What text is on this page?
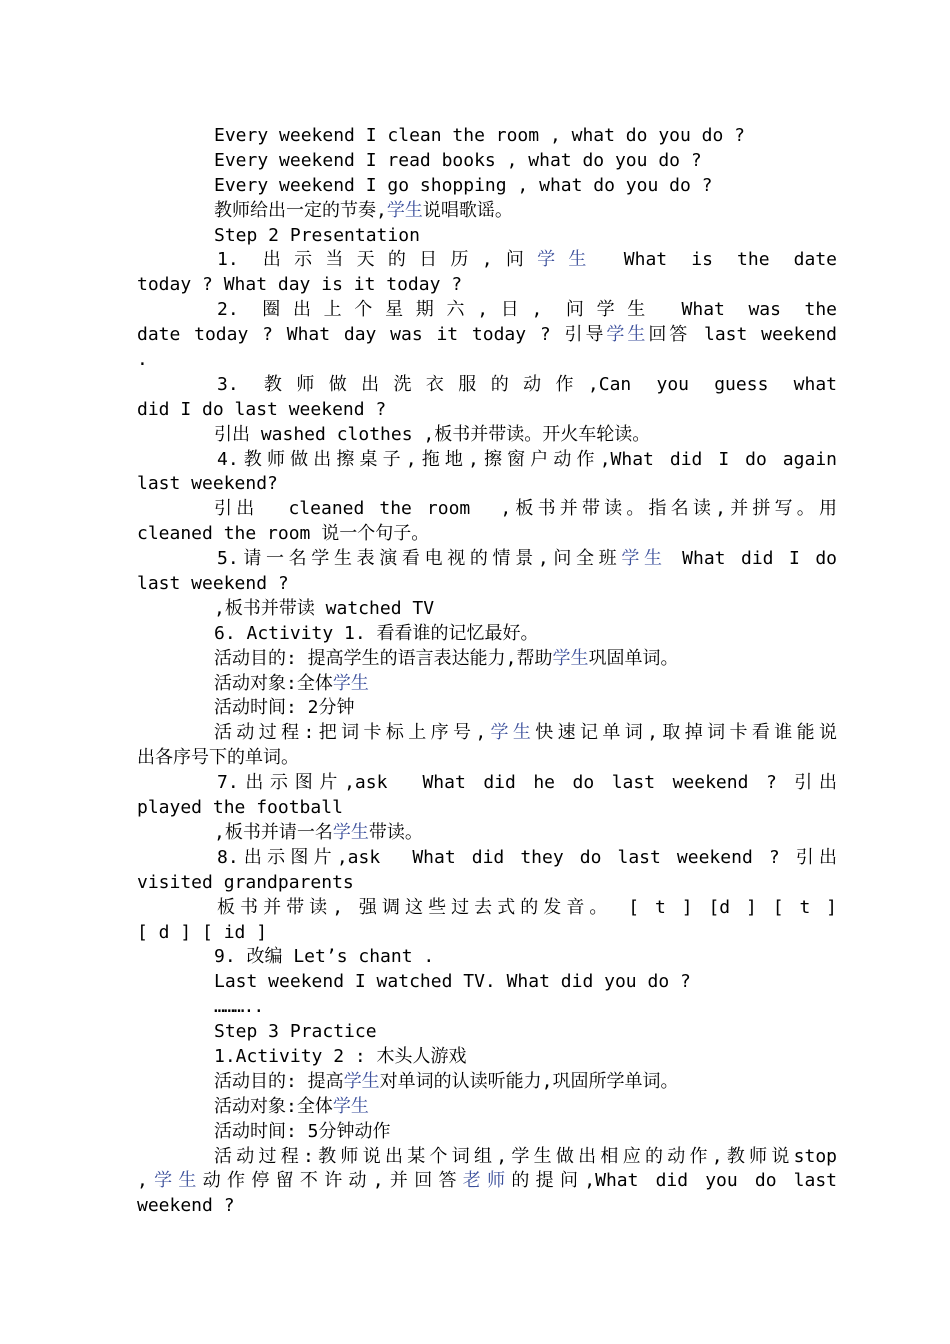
Every weekend I clean the room , what do you do ?
Every weekend I read books , what do you do ?
Every weekend I go shopping , what do you do ?
教师给出一定的节奏,学生说唱歌谣。
Step 2 Presentation
1. 出示当天的日历,问学生 What is the date
today ? What day is it today ?
2. 圈出上个星期六,日, 问学生 What was the
date today ? What day was it today ? 引导学生回答 last weekend
.
3. 教师做出洗衣服的动作,Can you guess what
did I do last weekend ?
引出 washed clothes ,板书并带读。开火车轮读。
4.教师做出擦桌子,拖地,擦窗户动作,What did I do again
last weekend?
引出  cleaned the room  ,板书并带读。指名读,并拼写。用
cleaned the room 说一个句子。
5.请一名学生表演看电视的情景,问全班学生 What did I do
last weekend ?
,板书并带读 watched TV
6. Activity 1. 看看谁的记忆最好。
活动目的: 提高学生的语言表达能力,帮助学生巩固单词。
活动对象:全体学生
活动时间: 2分钟
活动过程:把词卡标上序号,学生快速记单词,取掉词卡看谁能说
出各序号下的单词。
7.出示图片,ask  What did he do last weekend ? 引出
played the football
,板书并请一名学生带读。
8.出示图片,ask  What did they do last weekend ? 引出
visited grandparents
板书并带读, 强调这些过去式的发音。 [ t ] [d ] [ t ]
[ d ] [ id ]
9. 改编 Let’s chant .
Last weekend I watched TV. What did you do ?
………..
Step 3 Practice
1.Activity 2 : 木头人游戏
活动目的: 提高学生对单词的认读听能力,巩固所学单词。
活动对象:全体学生
活动时间: 5分钟动作
活动过程:教师说出某个词组,学生做出相应的动作,教师说stop
,学生动作停留不许动,并回答老师的提问,What did you do last
weekend ?
